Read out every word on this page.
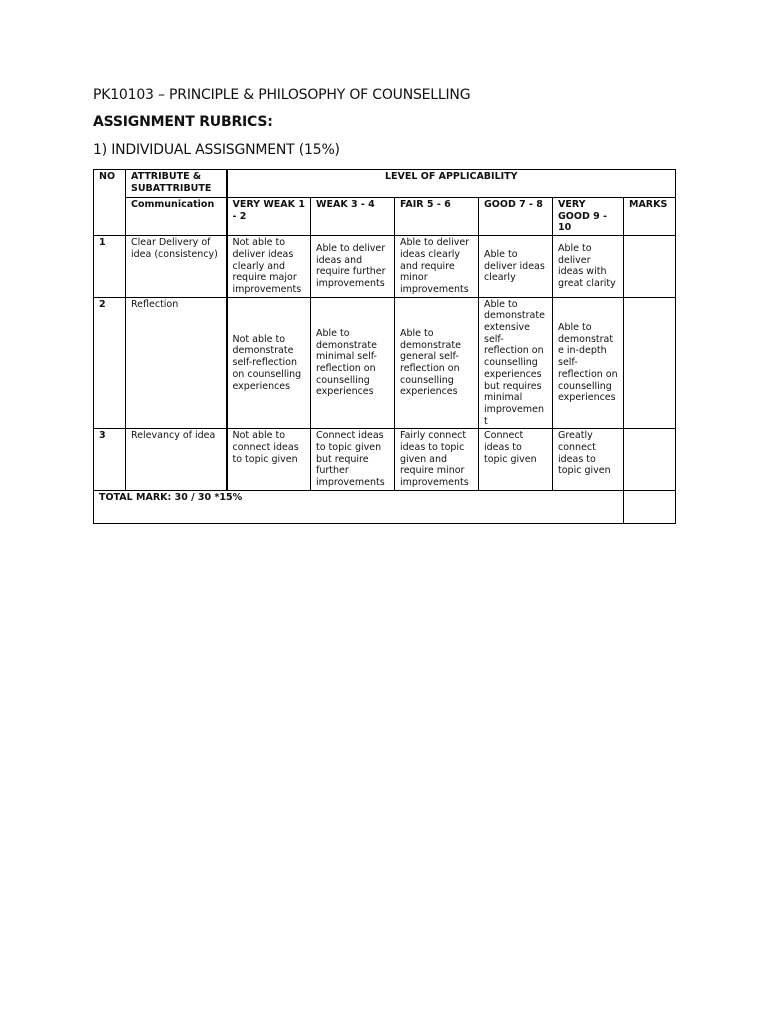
PK10103 – PRINCIPLE & PHILOSOPHY OF COUNSELLING
ASSIGNMENT RUBRICS:
1) INDIVIDUAL ASSISGNMENT (15%)
NO	ATTRIBUTE & SUBATTRIBUTE	LEVEL OF APPLICABILITY					
	Communication	VERY WEAK 1 - 2	WEAK 3 - 4	FAIR 5 - 6	GOOD 7 - 8	VERY GOOD 9 - 10	MARKS
1	Clear Delivery of idea (consistency)	Not able to deliver ideas clearly and require major improvements	Able to deliver ideas and require further improvements	Able to deliver ideas clearly and require minor improvements	Able to deliver ideas clearly	Able to deliver ideas with great clarity	
2	Reflection	Not able to demonstrate self-reflection on counselling experiences	Able to demonstrate minimal self-reflection on counselling experiences	Able to demonstrate general self-reflection on counselling experiences	Able to demonstrate extensive self-reflection on counselling experiences but requires minimal improvement	Able to demonstrat e in-depth self-reflection on counselling experiences	
3	Relevancy of idea	Not able to connect ideas to topic given	Connect ideas to topic given but require further improvements	Fairly connect ideas to topic given and require minor improvements	Connect ideas to topic given	Greatly connect ideas to topic given	
TOTAL MARK: 30 / 30 *15%							
